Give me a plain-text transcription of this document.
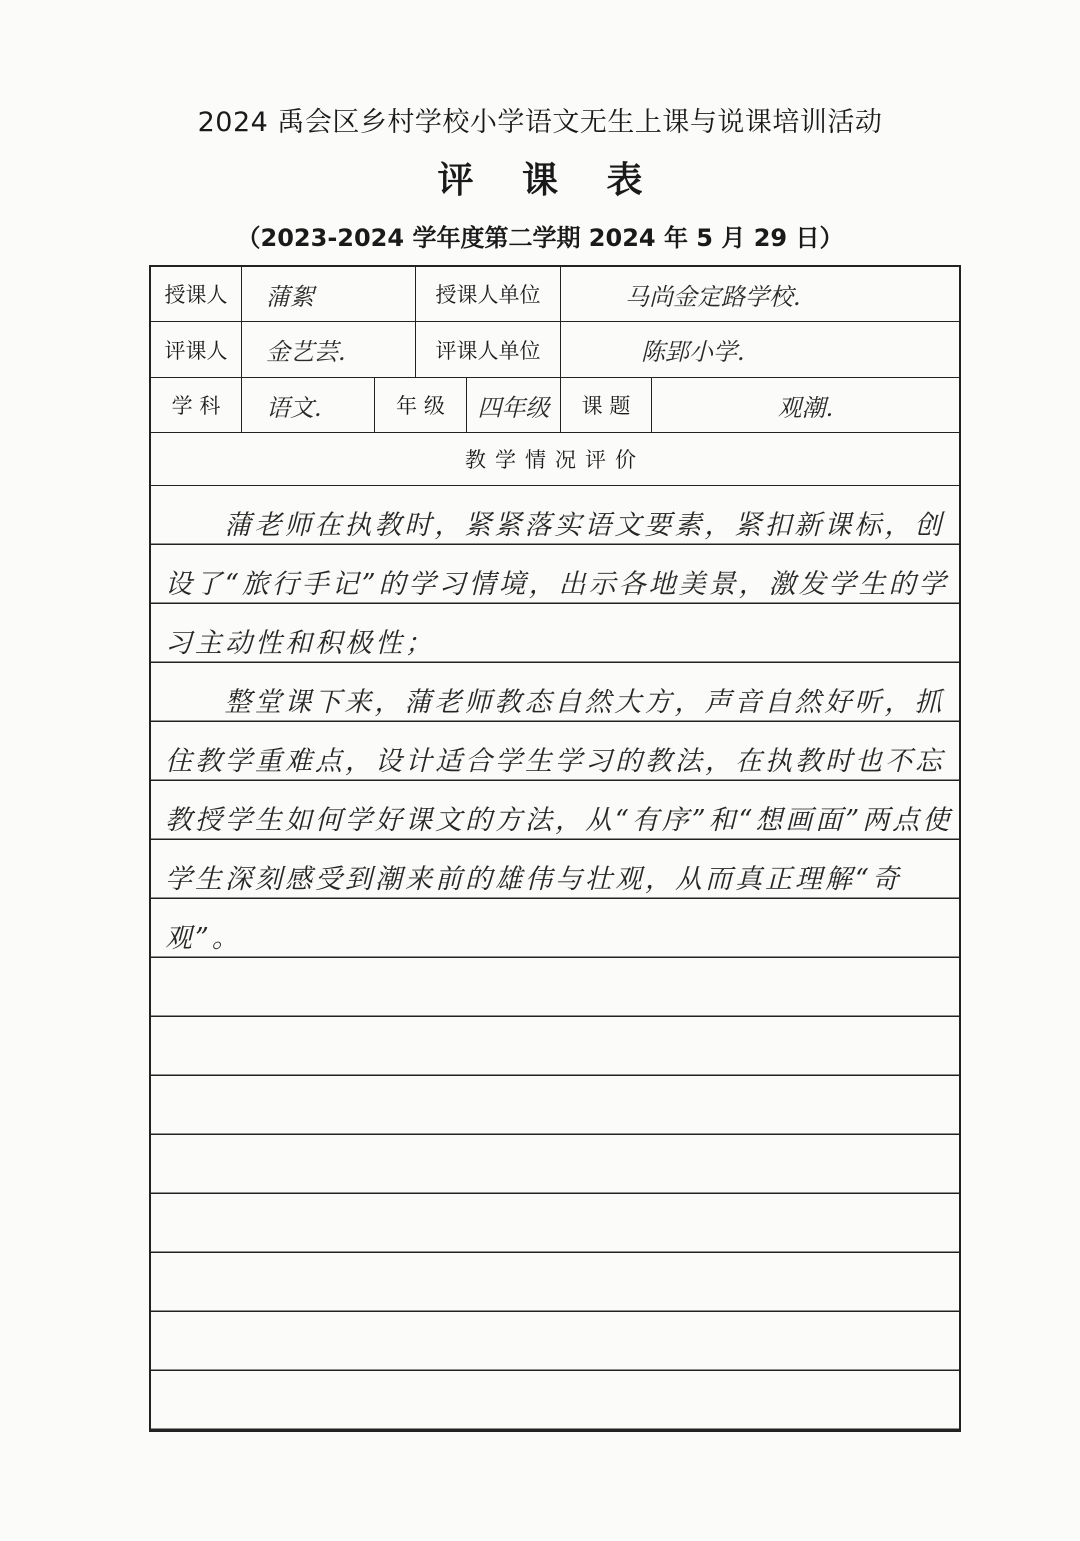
2024 禹会区乡村学校小学语文无生上课与说课培训活动
评 课 表
（2023-2024 学年度第二学期 2024 年 5 月 29 日）
授课人	蒲絮	授课人单位	马尚金定路学校.
评课人	金艺芸.	评课人单位	陈郢小学.
学 科	语文.	年 级	四年级	课 题	观潮.
教学情况评价

蒲老师在执教时，紧紧落实语文要素，紧扣新课标，创设了“旅行手记”的学习情境，出示各地美景，激发学生的学习主动性和积极性；

整堂课下来，蒲老师教态自然大方，声音自然好听，抓住教学重难点，设计适合学生学习的教法，在执教时也不忘教授学生如何学好课文的方法，从“有序”和“想画面”两点使学生深刻感受到潮来前的雄伟与壮观，从而真正理解“奇观”。
